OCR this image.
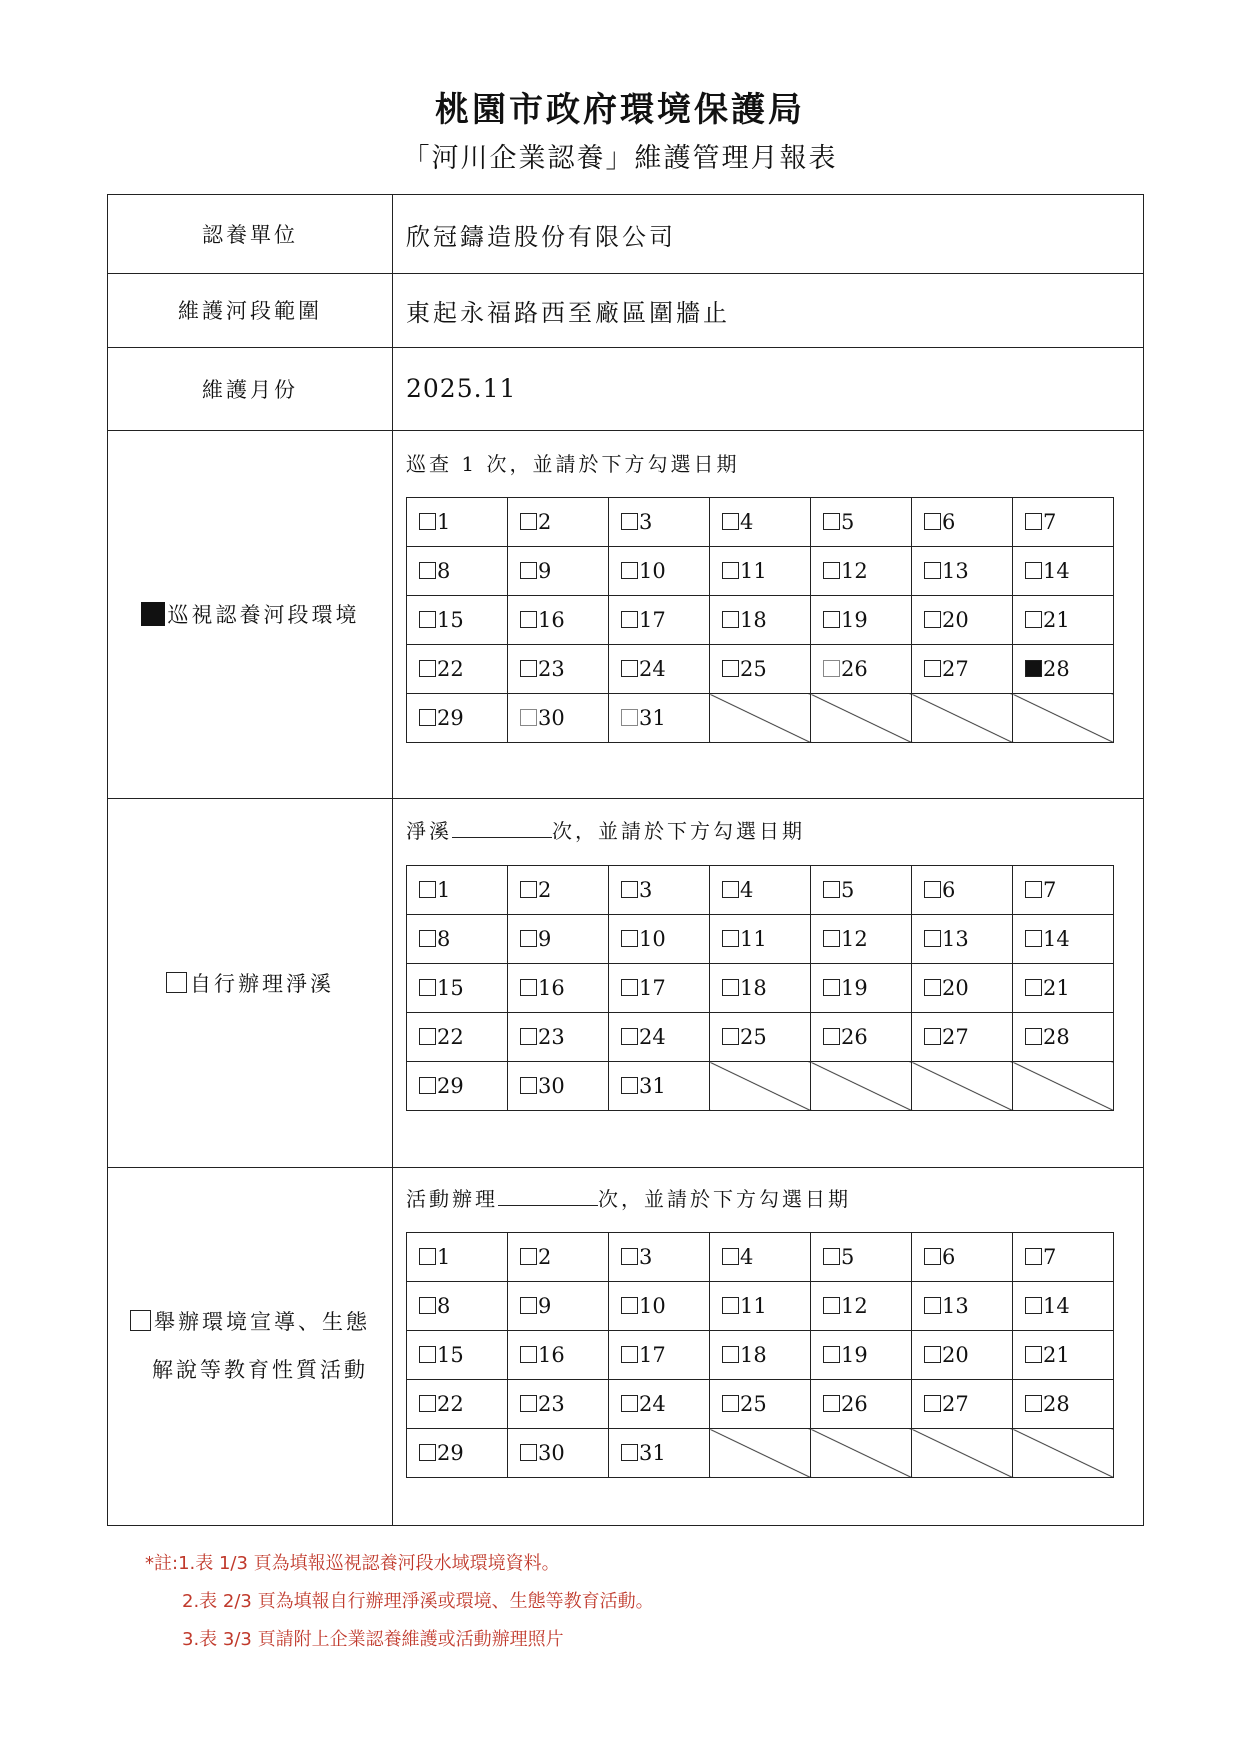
桃園市政府環境保護局
「河川企業認養」維護管理月報表
認養單位	欣冠鑄造股份有限公司
維護河段範圍	東起永福路西至廠區圍牆止
維護月份	2025.11
巡視認養河段環境
巡查 1 次，並請於下方勾選日期
1	2	3	4	5	6	7
8	9	10	11	12	13	14
15	16	17	18	19	20	21
22	23	24	25	26	27	28
29	30	31				
自行辦理淨溪
淨溪	次，並請於下方勾選日期
1	2	3	4	5	6	7
8	9	10	11	12	13	14
15	16	17	18	19	20	21
22	23	24	25	26	27	28
29	30	31				
舉辦環境宣導、生態
解說等教育性質活動
活動辦理	次，並請於下方勾選日期
1	2	3	4	5	6	7
8	9	10	11	12	13	14
15	16	17	18	19	20	21
22	23	24	25	26	27	28
29	30	31				
*註:1.表 1/3 頁為填報巡視認養河段水域環境資料。
2.表 2/3 頁為填報自行辦理淨溪或環境、生態等教育活動。
3.表 3/3 頁請附上企業認養維護或活動辦理照片
